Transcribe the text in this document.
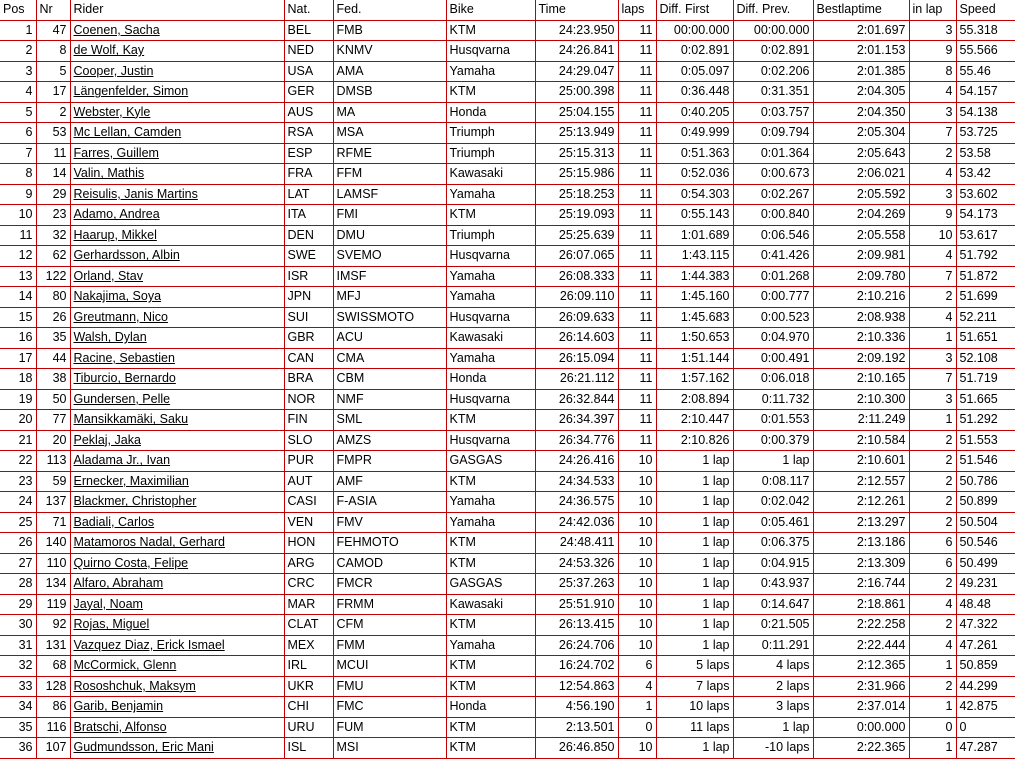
Pos	Nr	Rider	Nat.	Fed.	Bike	Time	laps	Diff. First	Diff. Prev.	Bestlaptime	in lap	Speed
1	47	Coenen, Sacha	BEL	FMB	KTM	24:23.950	11	00:00.000	00:00.000	2:01.697	3	55.318
2	8	de Wolf, Kay	NED	KNMV	Husqvarna	24:26.841	11	0:02.891	0:02.891	2:01.153	9	55.566
3	5	Cooper, Justin	USA	AMA	Yamaha	24:29.047	11	0:05.097	0:02.206	2:01.385	8	55.46
4	17	Längenfelder, Simon	GER	DMSB	KTM	25:00.398	11	0:36.448	0:31.351	2:04.305	4	54.157
5	2	Webster, Kyle	AUS	MA	Honda	25:04.155	11	0:40.205	0:03.757	2:04.350	3	54.138
6	53	Mc Lellan, Camden	RSA	MSA	Triumph	25:13.949	11	0:49.999	0:09.794	2:05.304	7	53.725
7	11	Farres, Guillem	ESP	RFME	Triumph	25:15.313	11	0:51.363	0:01.364	2:05.643	2	53.58
8	14	Valin, Mathis	FRA	FFM	Kawasaki	25:15.986	11	0:52.036	0:00.673	2:06.021	4	53.42
9	29	Reisulis, Janis Martins	LAT	LAMSF	Yamaha	25:18.253	11	0:54.303	0:02.267	2:05.592	3	53.602
10	23	Adamo, Andrea	ITA	FMI	KTM	25:19.093	11	0:55.143	0:00.840	2:04.269	9	54.173
11	32	Haarup, Mikkel	DEN	DMU	Triumph	25:25.639	11	1:01.689	0:06.546	2:05.558	10	53.617
12	62	Gerhardsson, Albin	SWE	SVEMO	Husqvarna	26:07.065	11	1:43.115	0:41.426	2:09.981	4	51.792
13	122	Orland, Stav	ISR	IMSF	Yamaha	26:08.333	11	1:44.383	0:01.268	2:09.780	7	51.872
14	80	Nakajima, Soya	JPN	MFJ	Yamaha	26:09.110	11	1:45.160	0:00.777	2:10.216	2	51.699
15	26	Greutmann, Nico	SUI	SWISSMOTO	Husqvarna	26:09.633	11	1:45.683	0:00.523	2:08.938	4	52.211
16	35	Walsh, Dylan	GBR	ACU	Kawasaki	26:14.603	11	1:50.653	0:04.970	2:10.336	1	51.651
17	44	Racine, Sebastien	CAN	CMA	Yamaha	26:15.094	11	1:51.144	0:00.491	2:09.192	3	52.108
18	38	Tiburcio, Bernardo	BRA	CBM	Honda	26:21.112	11	1:57.162	0:06.018	2:10.165	7	51.719
19	50	Gundersen, Pelle	NOR	NMF	Husqvarna	26:32.844	11	2:08.894	0:11.732	2:10.300	3	51.665
20	77	Mansikkamäki, Saku	FIN	SML	KTM	26:34.397	11	2:10.447	0:01.553	2:11.249	1	51.292
21	20	Peklaj, Jaka	SLO	AMZS	Husqvarna	26:34.776	11	2:10.826	0:00.379	2:10.584	2	51.553
22	113	Aladama Jr., Ivan	PUR	FMPR	GASGAS	24:26.416	10	1 lap	1 lap	2:10.601	2	51.546
23	59	Ernecker, Maximilian	AUT	AMF	KTM	24:34.533	10	1 lap	0:08.117	2:12.557	2	50.786
24	137	Blackmer, Christopher	CASI	F-ASIA	Yamaha	24:36.575	10	1 lap	0:02.042	2:12.261	2	50.899
25	71	Badiali, Carlos	VEN	FMV	Yamaha	24:42.036	10	1 lap	0:05.461	2:13.297	2	50.504
26	140	Matamoros Nadal, Gerhard	HON	FEHMOTO	KTM	24:48.411	10	1 lap	0:06.375	2:13.186	6	50.546
27	110	Quirno Costa, Felipe	ARG	CAMOD	KTM	24:53.326	10	1 lap	0:04.915	2:13.309	6	50.499
28	134	Alfaro, Abraham	CRC	FMCR	GASGAS	25:37.263	10	1 lap	0:43.937	2:16.744	2	49.231
29	119	Jayal, Noam	MAR	FRMM	Kawasaki	25:51.910	10	1 lap	0:14.647	2:18.861	4	48.48
30	92	Rojas, Miguel	CLAT	CFM	KTM	26:13.415	10	1 lap	0:21.505	2:22.258	2	47.322
31	131	Vazquez Diaz, Erick Ismael	MEX	FMM	Yamaha	26:24.706	10	1 lap	0:11.291	2:22.444	4	47.261
32	68	McCormick, Glenn	IRL	MCUI	KTM	16:24.702	6	5 laps	4 laps	2:12.365	1	50.859
33	128	Rososhchuk, Maksym	UKR	FMU	KTM	12:54.863	4	7 laps	2 laps	2:31.966	2	44.299
34	86	Garib, Benjamin	CHI	FMC	Honda	4:56.190	1	10 laps	3 laps	2:37.014	1	42.875
35	116	Bratschi, Alfonso	URU	FUM	KTM	2:13.501	0	11 laps	1 lap	0:00.000	0	0
36	107	Gudmundsson, Eric Mani	ISL	MSI	KTM	26:46.850	10	1 lap	-10 laps	2:22.365	1	47.287
